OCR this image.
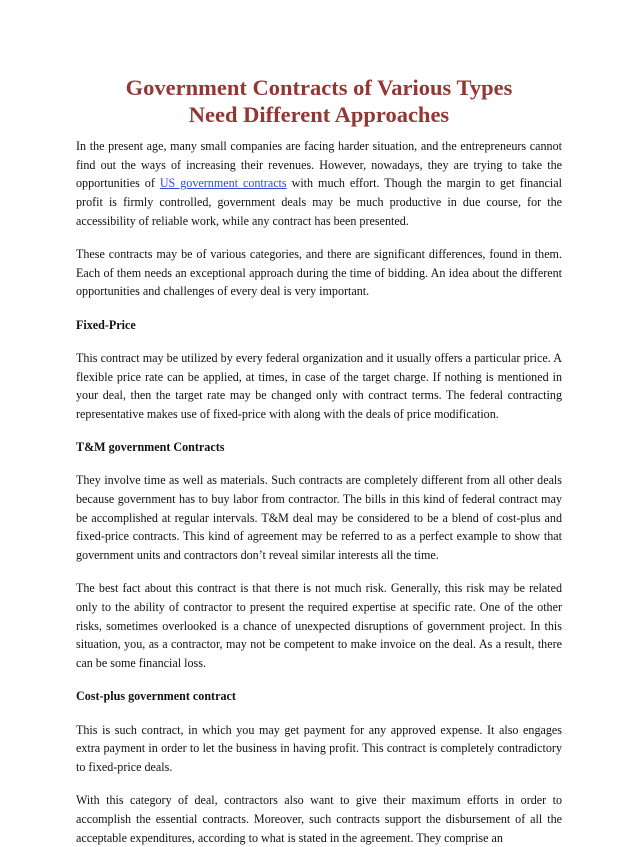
Government Contracts of Various Types
Need Different Approaches

In the present age, many small companies are facing harder situation, and the entrepreneurs cannot find out the ways of increasing their revenues. However, nowadays, they are trying to take the opportunities of US government contracts with much effort. Though the margin to get financial profit is firmly controlled, government deals may be much productive in due course, for the accessibility of reliable work, while any contract has been presented.

These contracts may be of various categories, and there are significant differences, found in them. Each of them needs an exceptional approach during the time of bidding. An idea about the different opportunities and challenges of every deal is very important.

Fixed-Price

This contract may be utilized by every federal organization and it usually offers a particular price. A flexible price rate can be applied, at times, in case of the target charge. If nothing is mentioned in your deal, then the target rate may be changed only with contract terms. The federal contracting representative makes use of fixed-price with along with the deals of price modification.

T&M government Contracts

They involve time as well as materials. Such contracts are completely different from all other deals because government has to buy labor from contractor. The bills in this kind of federal contract may be accomplished at regular intervals. T&M deal may be considered to be a blend of cost-plus and fixed-price contracts. This kind of agreement may be referred to as a perfect example to show that government units and contractors don’t reveal similar interests all the time.

The best fact about this contract is that there is not much risk. Generally, this risk may be related only to the ability of contractor to present the required expertise at specific rate. One of the other risks, sometimes overlooked is a chance of unexpected disruptions of government project. In this situation, you, as a contractor, may not be competent to make invoice on the deal. As a result, there can be some financial loss.

Cost-plus government contract

This is such contract, in which you may get payment for any approved expense. It also engages extra payment in order to let the business in having profit. This contract is completely contradictory to fixed-price deals.

With this category of deal, contractors also want to give their maximum efforts in order to accomplish the essential contracts. Moreover, such contracts support the disbursement of all the acceptable expenditures, according to what is stated in the agreement. They comprise an
